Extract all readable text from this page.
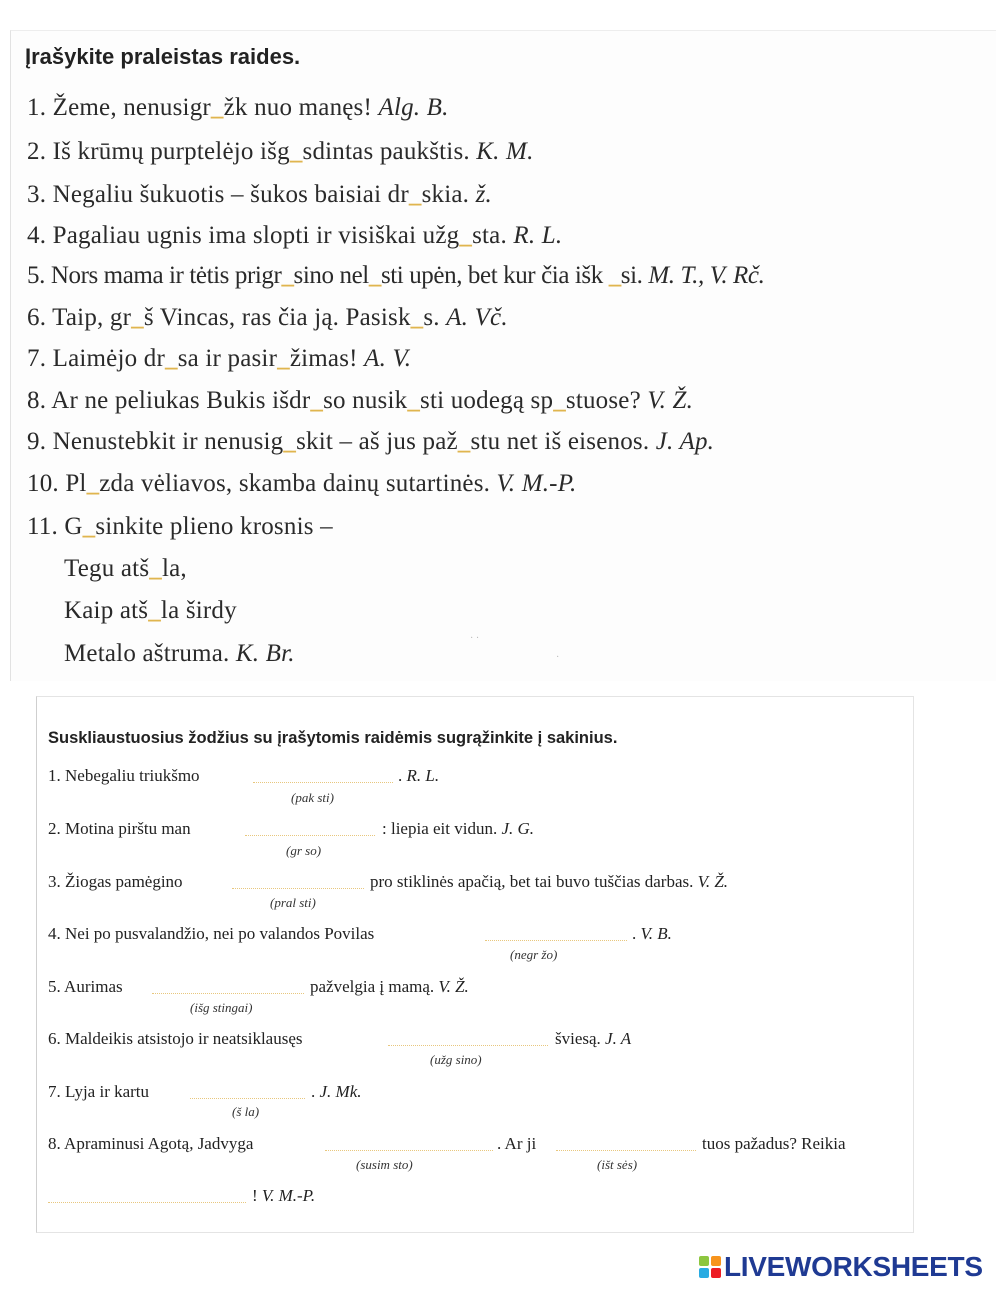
Įrašykite praleistas raides.
1. Žeme, nenusigr_žk nuo manęs! Alg. B.
2. Iš krūmų purptelėjo išg_sdintas paukštis. K. M.
3. Negaliu šukuotis – šukos baisiai dr_skia. ž.
4. Pagaliau ugnis ima slopti ir visiškai užg_sta. R. L.
5. Nors mama ir tėtis prigr_sino nel_sti upėn, bet kur čia išk _si. M. T., V. Rč.
6. Taip, gr_š Vincas, ras čia ją. Pasisk_s. A. Vč.
7. Laimėjo dr_sa ir pasir_žimas! A. V.
8. Ar ne peliukas Bukis išdr_so nusik_sti uodegą sp_stuose? V. Ž.
9. Nenustebkit ir nenusig_skit – aš jus paž_stu net iš eisenos. J. Ap.
10. Pl_zda vėliavos, skamba dainų sutartinės. V. M.-P.
11. G_sinkite plieno krosnis –
Tegu atš_la,
Kaip atš_la širdy
Metalo aštruma. K. Br.
· ·
·
Suskliaustuosius žodžius su įrašytomis raidėmis sugrąžinkite į sakinius.
1. Nebegaliu triukšmo	. R. L.
(pak sti)
2. Motina pirštu man	: liepia eit vidun. J. G.
(gr so)
3. Žiogas pamėgino	pro stiklinės apačią, bet tai buvo tuščias darbas. V. Ž.
(pral sti)
4. Nei po pusvalandžio, nei po valandos Povilas	. V. B.
(negr žo)
5. Aurimas	pažvelgia į mamą. V. Ž.
(išg stingai)
6. Maldeikis atsistojo ir neatsiklausęs	šviesą. J. A
(užg sino)
7. Lyja ir kartu	. J. Mk.
(š la)
8. Apraminusi Agotą, Jadvyga	. Ar ji	tuos pažadus? Reikia
(susim sto)	(išt sės)
! V. M.-P.
LIVEWORKSHEETS
